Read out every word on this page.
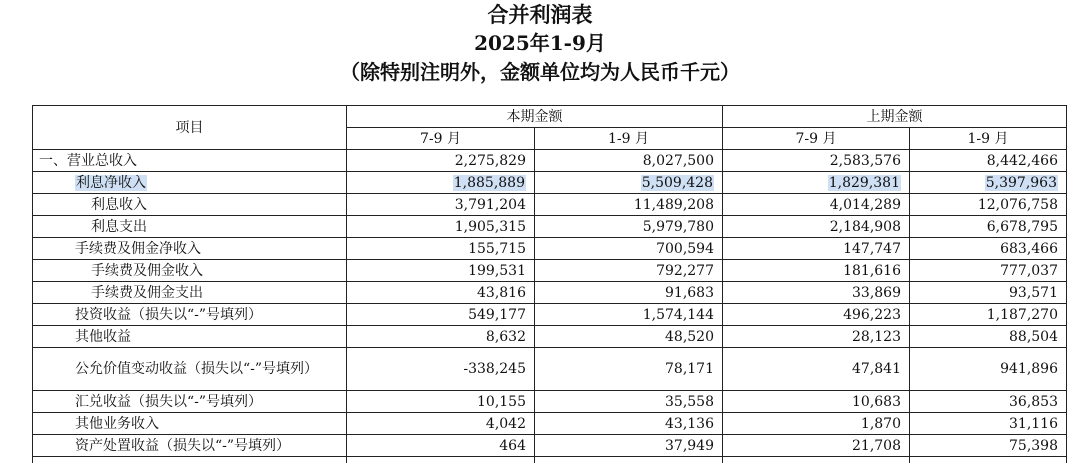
合并利润表
2025年1-9月
（除特别注明外，金额单位均为人民币千元）
项目	本期金额		上期金额	
	7-9 月	1-9 月	7-9 月	1-9 月
一、营业总收入	2,275,829	8,027,500	2,583,576	8,442,466
利息净收入	1,885,889	5,509,428	1,829,381	5,397,963
利息收入	3,791,204	11,489,208	4,014,289	12,076,758
利息支出	1,905,315	5,979,780	2,184,908	6,678,795
手续费及佣金净收入	155,715	700,594	147,747	683,466
手续费及佣金收入	199,531	792,277	181,616	777,037
手续费及佣金支出	43,816	91,683	33,869	93,571
投资收益（损失以“-”号填列）	549,177	1,574,144	496,223	1,187,270
其他收益	8,632	48,520	28,123	88,504

公允价值变动收益（损失以“-”号填列）	-338,245	78,171	47,841	941,896
汇兑收益（损失以“-”号填列）	10,155	35,558	10,683	36,853
其他业务收入	4,042	43,136	1,870	31,116
资产处置收益（损失以“-”号填列）	464	37,949	21,708	75,398
